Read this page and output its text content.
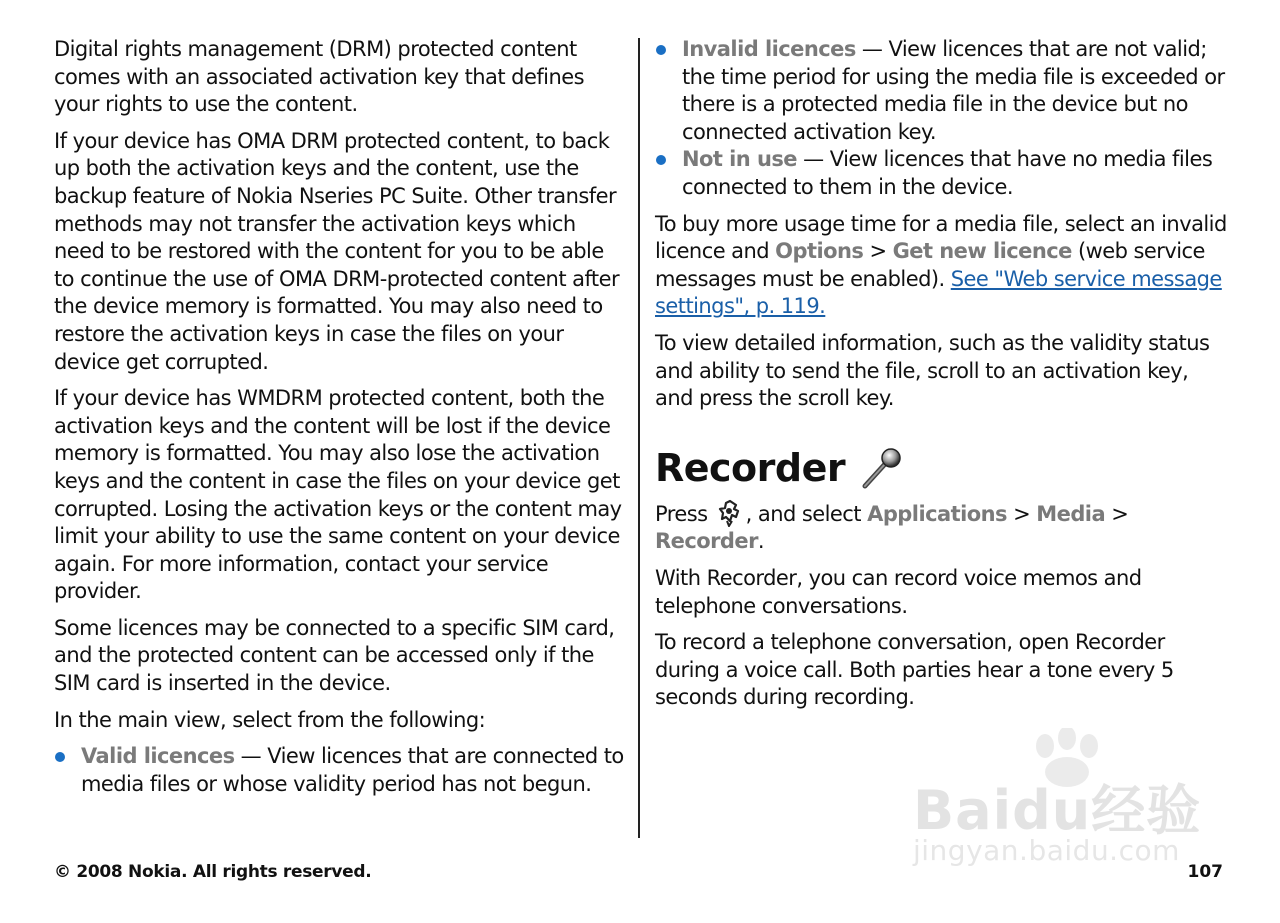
Digital rights management (DRM) protected content comes with an associated activation key that defines your rights to use the content.

If your device has OMA DRM protected content, to back up both the activation keys and the content, use the backup feature of Nokia Nseries PC Suite. Other transfer methods may not transfer the activation keys which need to be restored with the content for you to be able to continue the use of OMA DRM-protected content after the device memory is formatted. You may also need to restore the activation keys in case the files on your device get corrupted.

If your device has WMDRM protected content, both the activation keys and the content will be lost if the device memory is formatted. You may also lose the activation keys and the content in case the files on your device get corrupted. Losing the activation keys or the content may limit your ability to use the same content on your device again. For more information, contact your service provider.

Some licences may be connected to a specific SIM card, and the protected content can be accessed only if the SIM card is inserted in the device.

In the main view, select from the following:

Valid licences — View licences that are connected to media files or whose validity period has not begun.
Invalid licences — View licences that are not valid; the time period for using the media file is exceeded or there is a protected media file in the device but no connected activation key.
Not in use — View licences that have no media files connected to them in the device.

To buy more usage time for a media file, select an invalid licence and Options > Get new licence (web service messages must be enabled). See "Web service message settings", p. 119.

To view detailed information, such as the validity status and ability to send the file, scroll to an activation key, and press the scroll key.

Recorder

Press , and select Applications > Media > Recorder.

With Recorder, you can record voice memos and telephone conversations.

To record a telephone conversation, open Recorder during a voice call. Both parties hear a tone every 5 seconds during recording.

Baidu经验
jingyan.baidu.com
© 2008 Nokia. All rights reserved.	107
